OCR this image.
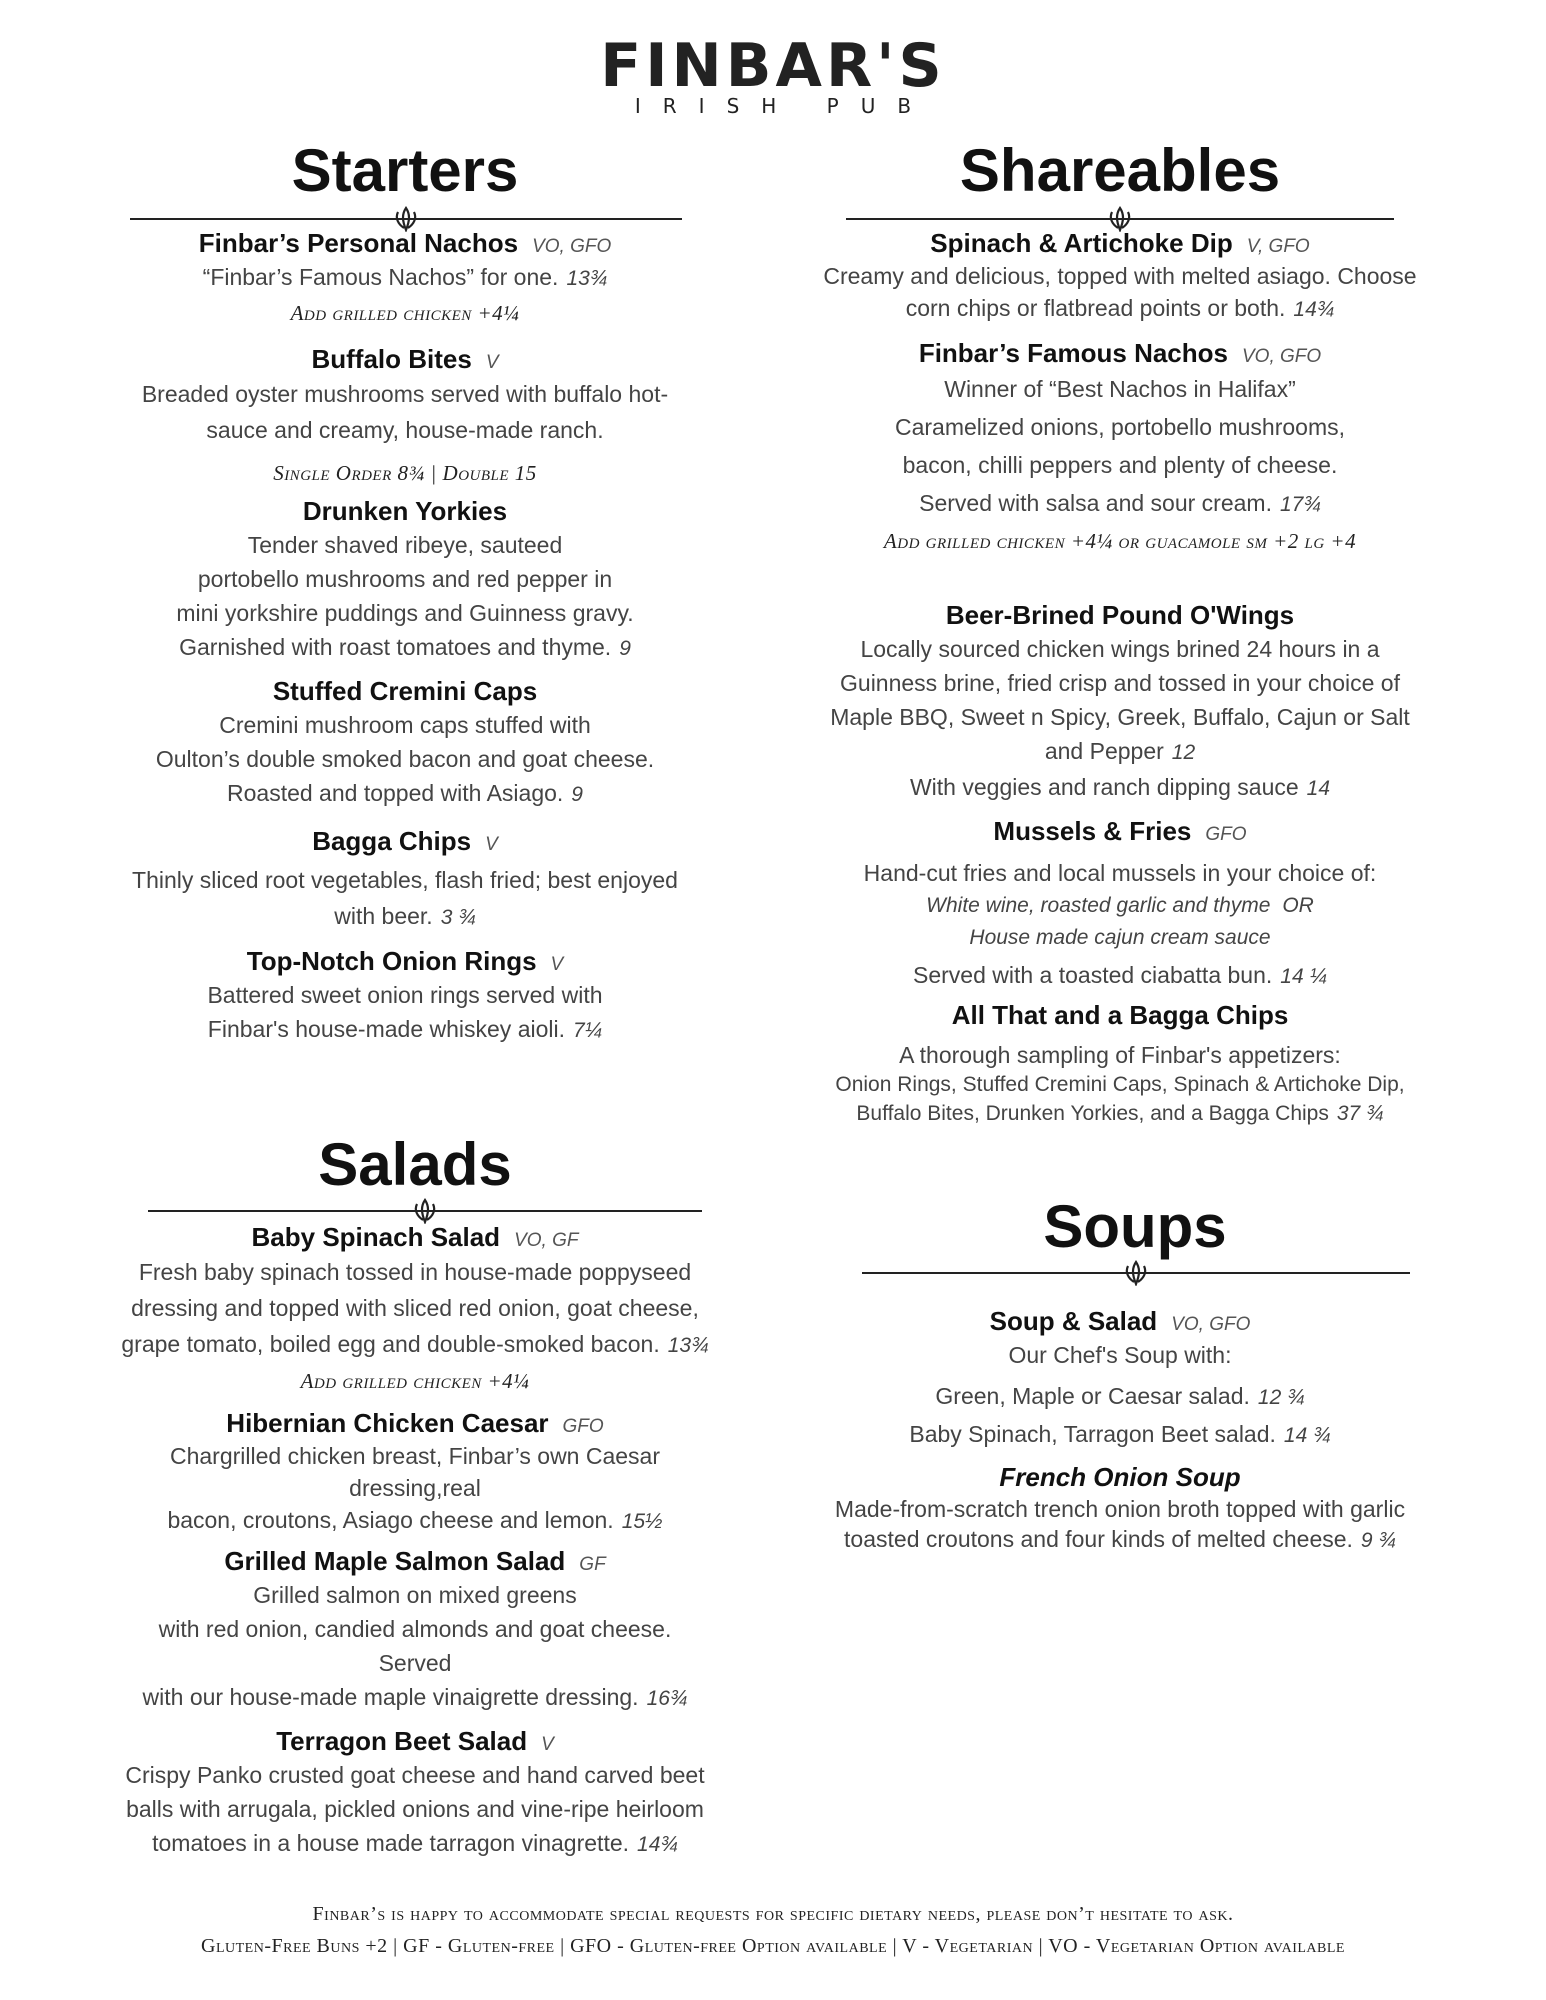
FINBAR'S
IRISH PUB
Starters
Finbar’s Personal Nachos VO, GFO
“Finbar’s Famous Nachos” for one. 13¾
Add grilled chicken +4¼
Buffalo Bites V
Breaded oyster mushrooms served with buffalo hot-
sauce and creamy, house-made ranch.
Single Order 8¾ | Double 15
Drunken Yorkies
Tender shaved ribeye, sauteed
portobello mushrooms and red pepper in
mini yorkshire puddings and Guinness gravy.
Garnished with roast tomatoes and thyme. 9
Stuffed Cremini Caps
Cremini mushroom caps stuffed with
Oulton’s double smoked bacon and goat cheese.
Roasted and topped with Asiago. 9
Bagga Chips V
Thinly sliced root vegetables, flash fried; best enjoyed
with beer. 3 ¾
Top-Notch Onion Rings V
Battered sweet onion rings served with
Finbar's house-made whiskey aioli. 7¼
Salads
Baby Spinach Salad VO, GF
Fresh baby spinach tossed in house-made poppyseed
dressing and topped with sliced red onion, goat cheese,
grape tomato, boiled egg and double-smoked bacon. 13¾
Add grilled chicken +4¼
Hibernian Chicken Caesar GFO
Chargrilled chicken breast, Finbar’s own Caesar dressing,real
bacon, croutons, Asiago cheese and lemon. 15½
Grilled Maple Salmon Salad GF
Grilled salmon on mixed greens
with red onion, candied almonds and goat cheese. Served
with our house-made maple vinaigrette dressing. 16¾
Terragon Beet Salad V
Crispy Panko crusted goat cheese and hand carved beet
balls with arrugala, pickled onions and vine-ripe heirloom
tomatoes in a house made tarragon vinagrette. 14¾
Shareables
Spinach & Artichoke Dip V, GFO
Creamy and delicious, topped with melted asiago. Choose
corn chips or flatbread points or both. 14¾
Finbar’s Famous Nachos VO, GFO
Winner of “Best Nachos in Halifax”
Caramelized onions, portobello mushrooms,
bacon, chilli peppers and plenty of cheese.
Served with salsa and sour cream. 17¾
Add grilled chicken +4¼ or guacamole sm +2 lg +4
Beer-Brined Pound O'Wings
Locally sourced chicken wings brined 24 hours in a
Guinness brine, fried crisp and tossed in your choice of
Maple BBQ, Sweet n Spicy, Greek, Buffalo, Cajun or Salt
and Pepper 12
With veggies and ranch dipping sauce 14
Mussels & Fries GFO
Hand-cut fries and local mussels in your choice of:
White wine, roasted garlic and thyme OR
House made cajun cream sauce
Served with a toasted ciabatta bun. 14 ¼
All That and a Bagga Chips
A thorough sampling of Finbar's appetizers:
Onion Rings, Stuffed Cremini Caps, Spinach & Artichoke Dip,
Buffalo Bites, Drunken Yorkies, and a Bagga Chips 37 ¾
Soups
Soup & Salad VO, GFO
Our Chef's Soup with:
Green, Maple or Caesar salad. 12 ¾
Baby Spinach, Tarragon Beet salad. 14 ¾
French Onion Soup
Made-from-scratch trench onion broth topped with garlic
toasted croutons and four kinds of melted cheese. 9 ¾
Finbar’s is happy to accommodate special requests for specific dietary needs, please don’t hesitate to ask.
Gluten-Free Buns +2 | GF - Gluten-free | GFO - Gluten-free Option available | V - Vegetarian | VO - Vegetarian Option available
